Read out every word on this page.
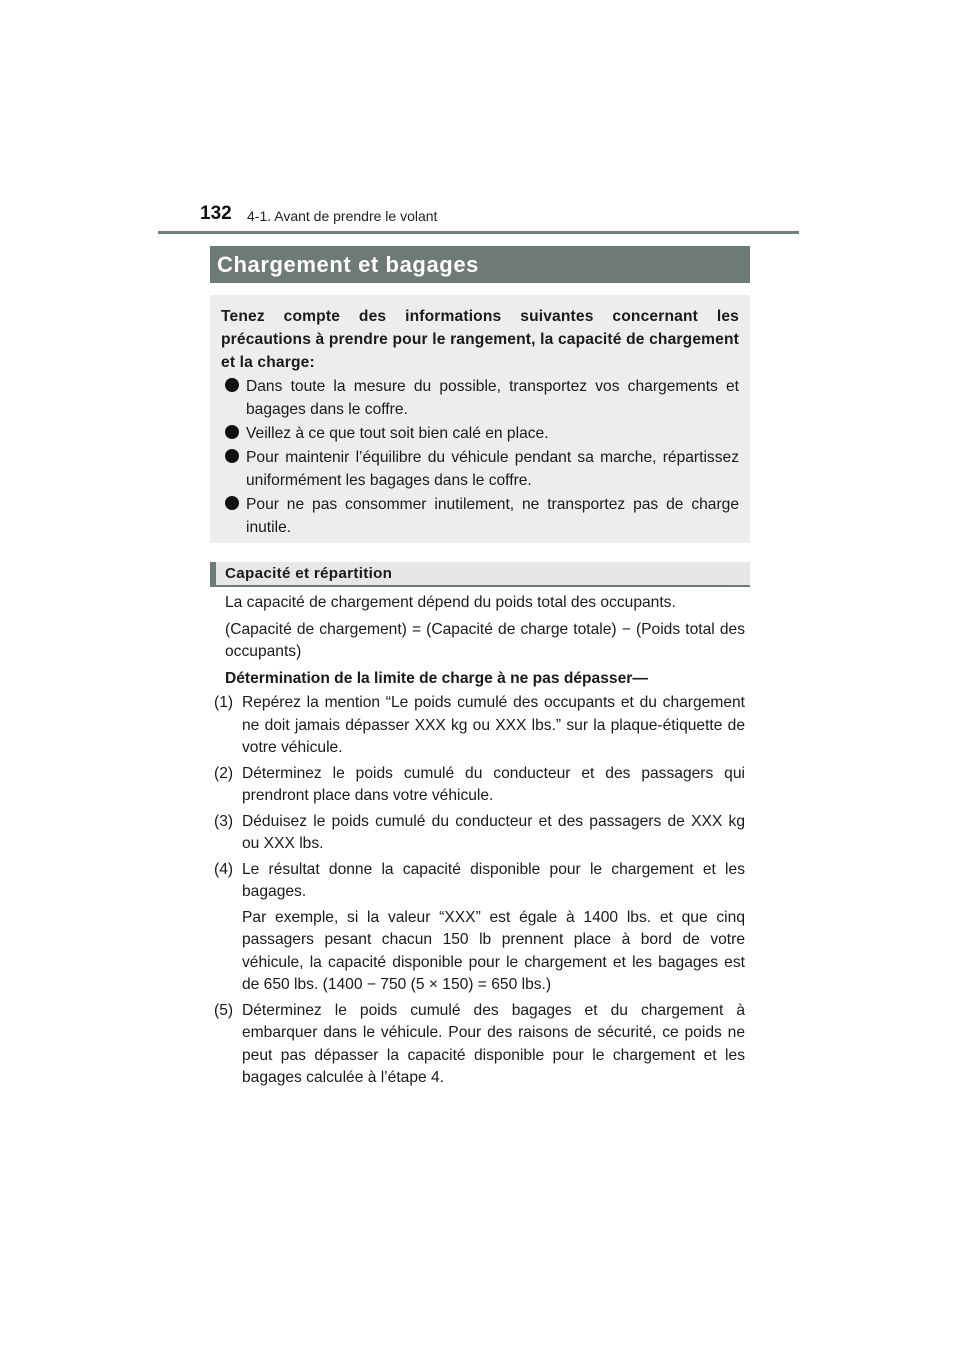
132 4-1. Avant de prendre le volant
Chargement et bagages
Tenez compte des informations suivantes concernant les précautions à prendre pour le rangement, la capacité de chargement et la charge:
Dans toute la mesure du possible, transportez vos chargements et bagages dans le coffre.
Veillez à ce que tout soit bien calé en place.
Pour maintenir l’équilibre du véhicule pendant sa marche, répartissez uniformément les bagages dans le coffre.
Pour ne pas consommer inutilement, ne transportez pas de charge inutile.
Capacité et répartition

La capacité de chargement dépend du poids total des occupants.

(Capacité de chargement) = (Capacité de charge totale) − (Poids total des occupants)

Détermination de la limite de charge à ne pas dépasser—

(1) Repérez la mention “Le poids cumulé des occupants et du chargement ne doit jamais dépasser XXX kg ou XXX lbs.” sur la plaque-étiquette de votre véhicule.

(2) Déterminez le poids cumulé du conducteur et des passagers qui prendront place dans votre véhicule.

(3) Déduisez le poids cumulé du conducteur et des passagers de XXX kg ou XXX lbs.

(4) Le résultat donne la capacité disponible pour le chargement et les bagages.

Par exemple, si la valeur “XXX” est égale à 1400 lbs. et que cinq passagers pesant chacun 150 lb prennent place à bord de votre véhicule, la capacité disponible pour le chargement et les bagages est de 650 lbs. (1400 − 750 (5 × 150) = 650 lbs.)

(5) Déterminez le poids cumulé des bagages et du chargement à embarquer dans le véhicule. Pour des raisons de sécurité, ce poids ne peut pas dépasser la capacité disponible pour le chargement et les bagages calculée à l’étape 4.
